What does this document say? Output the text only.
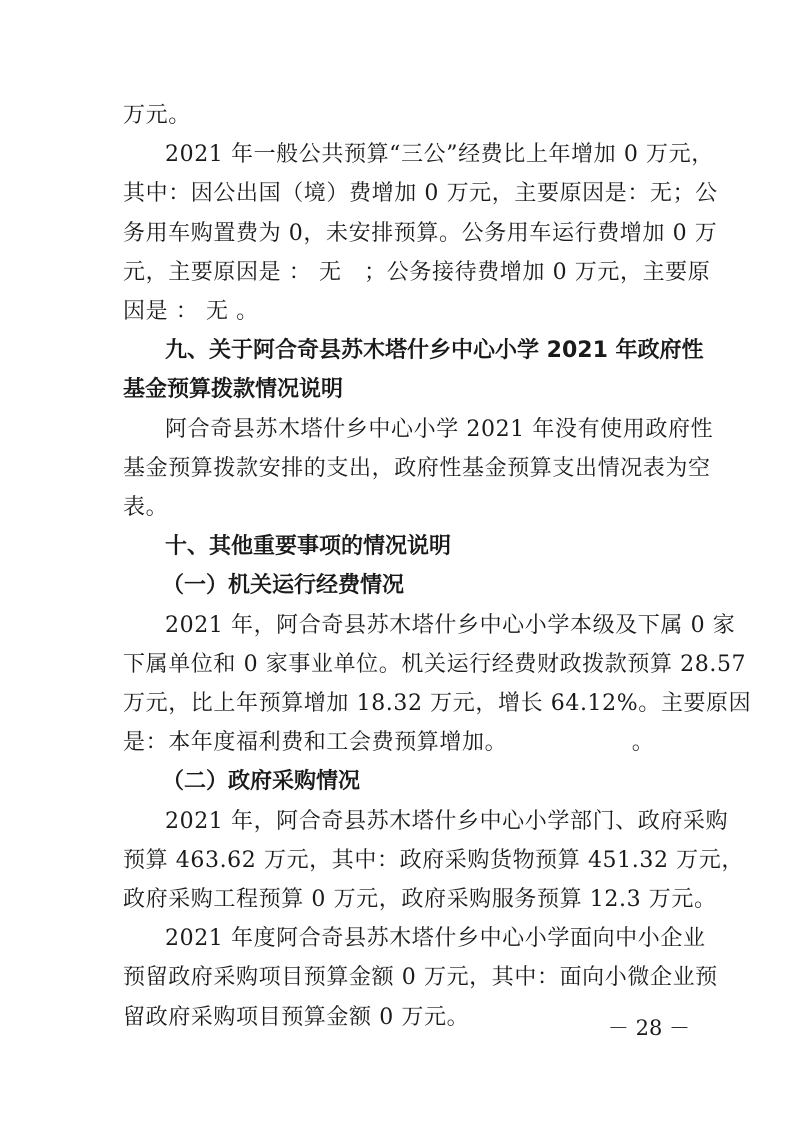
万元。

2021 年一般公共预算“三公”经费比上年增加 0 万元，

其中：因公出国（境）费增加 0 万元，主要原因是：无；公

务用车购置费为 0，未安排预算。公务用车运行费增加 0 万

元，主要原因是 ： 无　；公务接待费增加 0 万元，主要原

因是 ： 无 。

九、关于阿合奇县苏木塔什乡中心小学 2021 年政府性

基金预算拨款情况说明

阿合奇县苏木塔什乡中心小学 2021 年没有使用政府性

基金预算拨款安排的支出，政府性基金预算支出情况表为空

表。

十、其他重要事项的情况说明

（一）机关运行经费情况

2021 年，阿合奇县苏木塔什乡中心小学本级及下属 0 家

下属单位和 0 家事业单位。机关运行经费财政拨款预算 28.57

万元，比上年预算增加 18.32 万元，增长 64.12%。主要原因

是：本年度福利费和工会费预算增加。　　　　　　。

（二）政府采购情况

2021 年，阿合奇县苏木塔什乡中心小学部门、政府采购

预算 463.62 万元，其中：政府采购货物预算 451.32 万元，

政府采购工程预算 0 万元，政府采购服务预算 12.3 万元。

2021 年度阿合奇县苏木塔什乡中心小学面向中小企业

预留政府采购项目预算金额 0 万元，其中：面向小微企业预

留政府采购项目预算金额 0 万元。	－ 28 －
